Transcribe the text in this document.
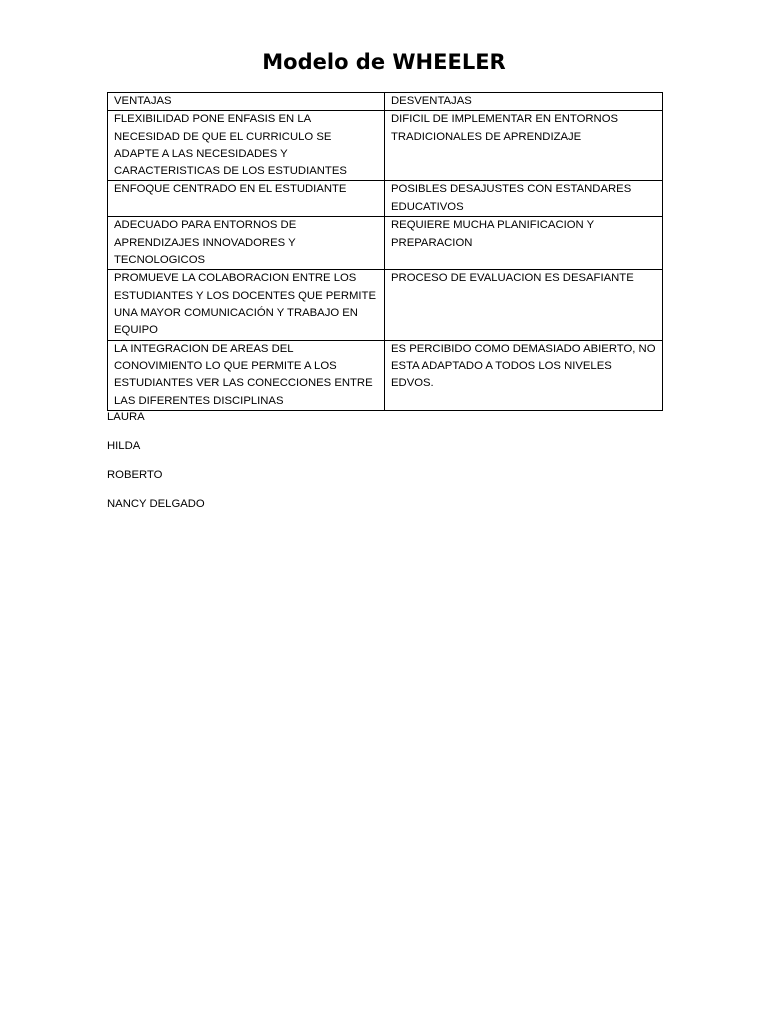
Modelo de WHEELER
VENTAJAS	DESVENTAJAS
FLEXIBILIDAD PONE ENFASIS EN LA NECESIDAD DE QUE EL CURRICULO SE ADAPTE A LAS NECESIDADES Y CARACTERISTICAS DE LOS ESTUDIANTES	DIFICIL DE IMPLEMENTAR EN ENTORNOS TRADICIONALES DE APRENDIZAJE
ENFOQUE CENTRADO EN EL ESTUDIANTE	POSIBLES DESAJUSTES CON ESTANDARES EDUCATIVOS
ADECUADO PARA ENTORNOS DE APRENDIZAJES INNOVADORES Y TECNOLOGICOS	REQUIERE MUCHA PLANIFICACION Y PREPARACION
PROMUEVE LA COLABORACION ENTRE LOS ESTUDIANTES Y LOS DOCENTES QUE PERMITE UNA MAYOR COMUNICACIÓN Y TRABAJO EN EQUIPO	PROCESO DE EVALUACION ES DESAFIANTE
LA INTEGRACION DE AREAS DEL CONOVIMIENTO LO QUE PERMITE A LOS ESTUDIANTES VER LAS CONECCIONES ENTRE LAS DIFERENTES DISCIPLINAS	ES PERCIBIDO COMO DEMASIADO ABIERTO, NO ESTA ADAPTADO A TODOS LOS NIVELES EDVOS.
LAURA
HILDA
ROBERTO
NANCY DELGADO
